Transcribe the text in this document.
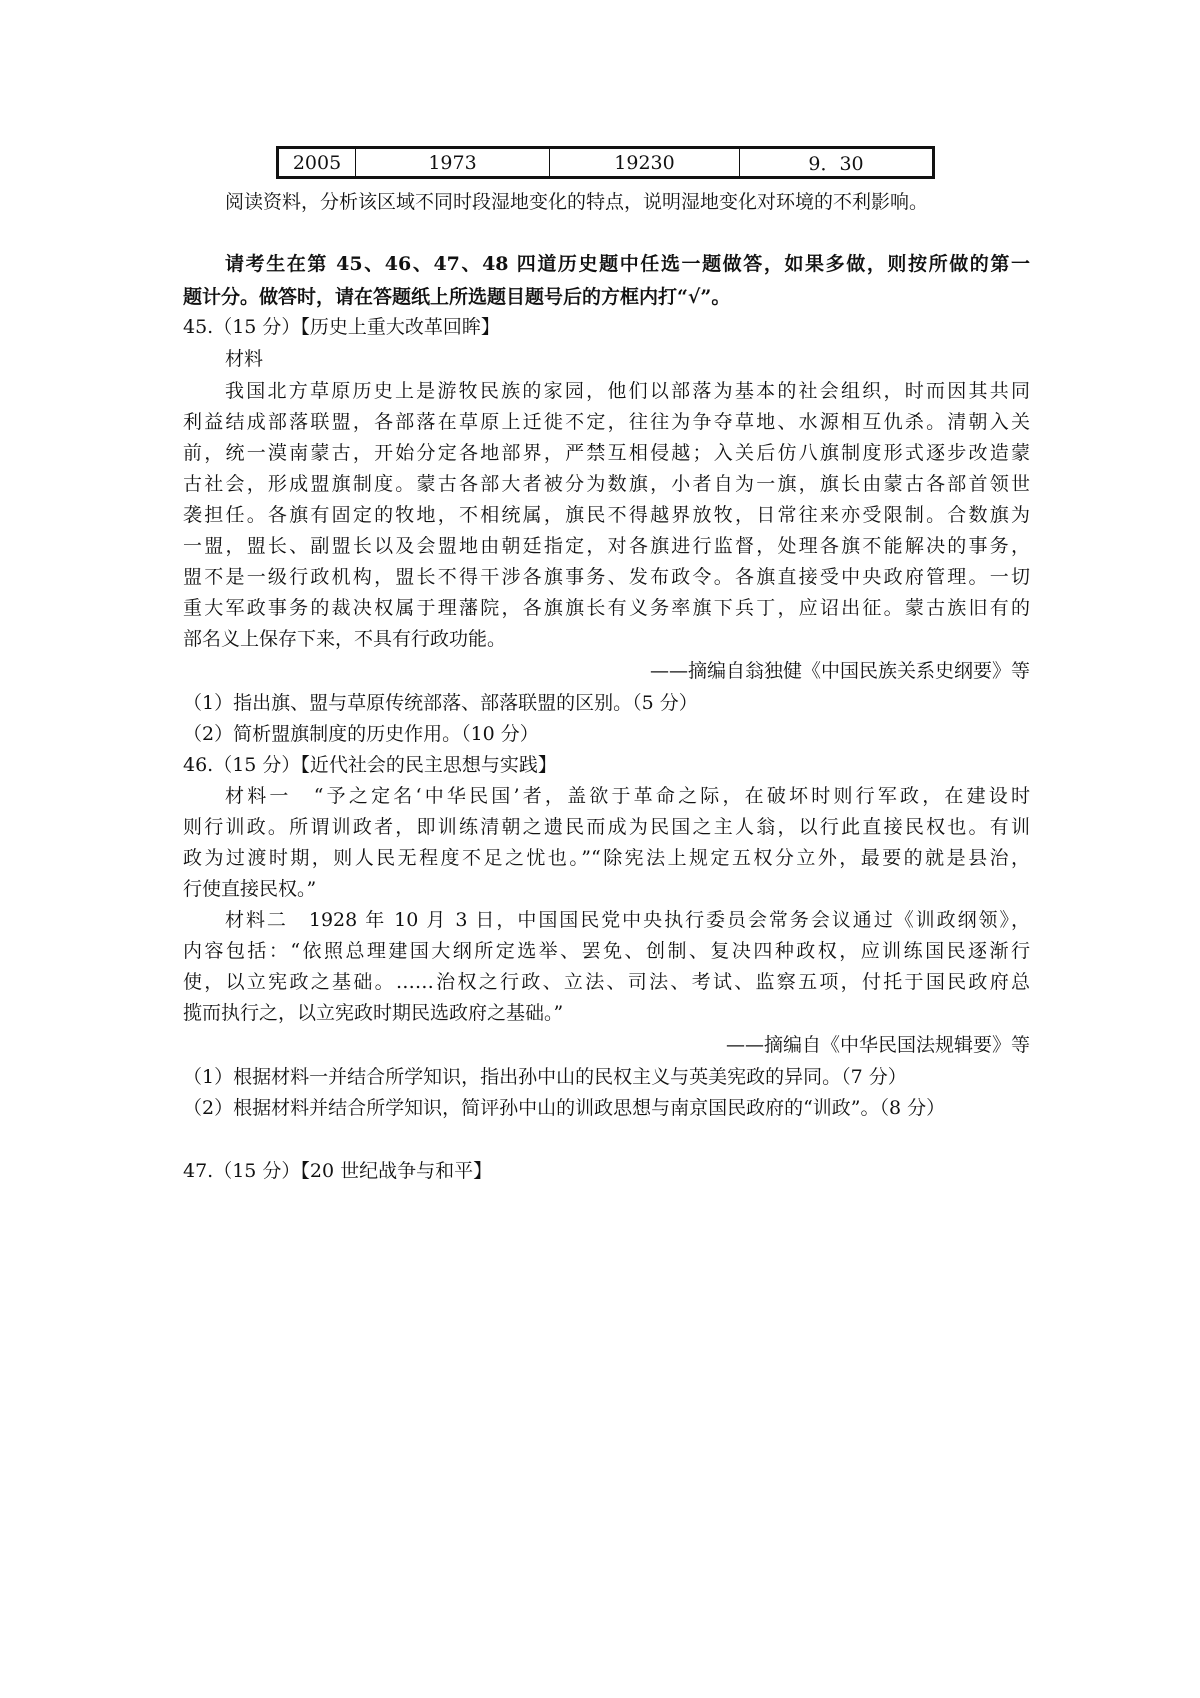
2005	1973	19230	9．30
阅读资料，分析该区域不同时段湿地变化的特点，说明湿地变化对环境的不利影响。
请考生在第 45、46、47、48 四道历史题中任选一题做答，如果多做，则按所做的第一
题计分。做答时，请在答题纸上所选题目题号后的方框内打“√”。
45.（15 分）【历史上重大改革回眸】
材料
我国北方草原历史上是游牧民族的家园，他们以部落为基本的社会组织，时而因其共同
利益结成部落联盟，各部落在草原上迁徙不定，往往为争夺草地、水源相互仇杀。清朝入关
前，统一漠南蒙古，开始分定各地部界，严禁互相侵越；入关后仿八旗制度形式逐步改造蒙
古社会，形成盟旗制度。蒙古各部大者被分为数旗，小者自为一旗，旗长由蒙古各部首领世
袭担任。各旗有固定的牧地，不相统属，旗民不得越界放牧，日常往来亦受限制。合数旗为
一盟，盟长、副盟长以及会盟地由朝廷指定，对各旗进行监督，处理各旗不能解决的事务，
盟不是一级行政机构，盟长不得干涉各旗事务、发布政令。各旗直接受中央政府管理。一切
重大军政事务的裁决权属于理藩院，各旗旗长有义务率旗下兵丁，应诏出征。蒙古族旧有的
部名义上保存下来，不具有行政功能。
——摘编自翁独健《中国民族关系史纲要》等
（1）指出旗、盟与草原传统部落、部落联盟的区别。（5 分）
（2）简析盟旗制度的历史作用。（10 分）
46.（15 分）【近代社会的民主思想与实践】
材料一　“予之定名‘中华民国’者，盖欲于革命之际，在破坏时则行军政，在建设时
则行训政。所谓训政者，即训练清朝之遗民而成为民国之主人翁，以行此直接民权也。有训
政为过渡时期，则人民无程度不足之忧也。”“除宪法上规定五权分立外，最要的就是县治，
行使直接民权。”
材料二　1928 年 10 月 3 日，中国国民党中央执行委员会常务会议通过《训政纲领》，
内容包括：“依照总理建国大纲所定选举、罢免、创制、复决四种政权，应训练国民逐渐行
使，以立宪政之基础。……治权之行政、立法、司法、考试、监察五项，付托于国民政府总
揽而执行之，以立宪政时期民选政府之基础。”
——摘编自《中华民国法规辑要》等
（1）根据材料一并结合所学知识，指出孙中山的民权主义与英美宪政的异同。（7 分）
（2）根据材料并结合所学知识，简评孙中山的训政思想与南京国民政府的“训政”。（8 分）
47.（15 分）【20 世纪战争与和平】
